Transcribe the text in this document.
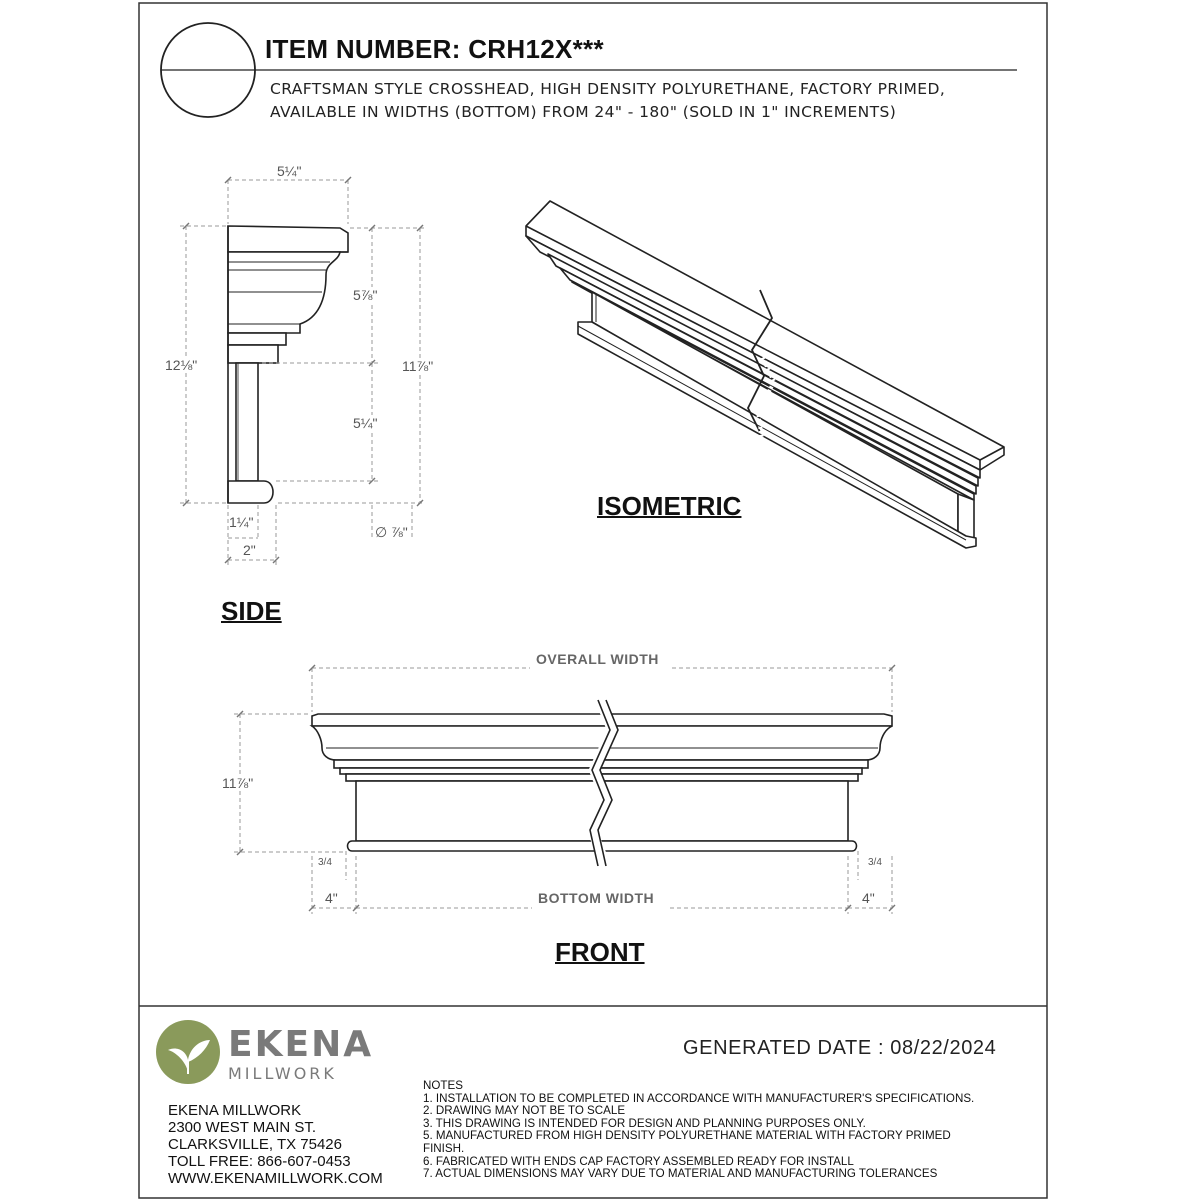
ITEM NUMBER: CRH12X***
CRAFTSMAN STYLE CROSSHEAD, HIGH DENSITY POLYURETHANE, FACTORY PRIMED,
AVAILABLE IN WIDTHS (BOTTOM) FROM 24" - 180" (SOLD IN 1" INCREMENTS)
5¼"
5⅞"
12⅛"	11⅞"
5¼"
1¼"
2"
∅ ⅞"
OVERALL WIDTH
11⅞"
BOTTOM WIDTH
4"	4"
3/4	3/4
ISOMETRIC
SIDE
FRONT
EKENA
MILLWORK
EKENA MILLWORK
2300 WEST MAIN ST.
CLARKSVILLE, TX 75426
TOLL FREE: 866-607-0453
WWW.EKENAMILLWORK.COM
GENERATED DATE : 08/22/2024
NOTES
1. INSTALLATION TO BE COMPLETED IN ACCORDANCE WITH MANUFACTURER'S SPECIFICATIONS.
2. DRAWING MAY NOT BE TO SCALE
3. THIS DRAWING IS INTENDED FOR DESIGN AND PLANNING PURPOSES ONLY.
5. MANUFACTURED FROM HIGH DENSITY POLYURETHANE MATERIAL WITH FACTORY PRIMED
FINISH.
6. FABRICATED WITH ENDS CAP FACTORY ASSEMBLED READY FOR INSTALL
7. ACTUAL DIMENSIONS MAY VARY DUE TO MATERIAL AND MANUFACTURING TOLERANCES
